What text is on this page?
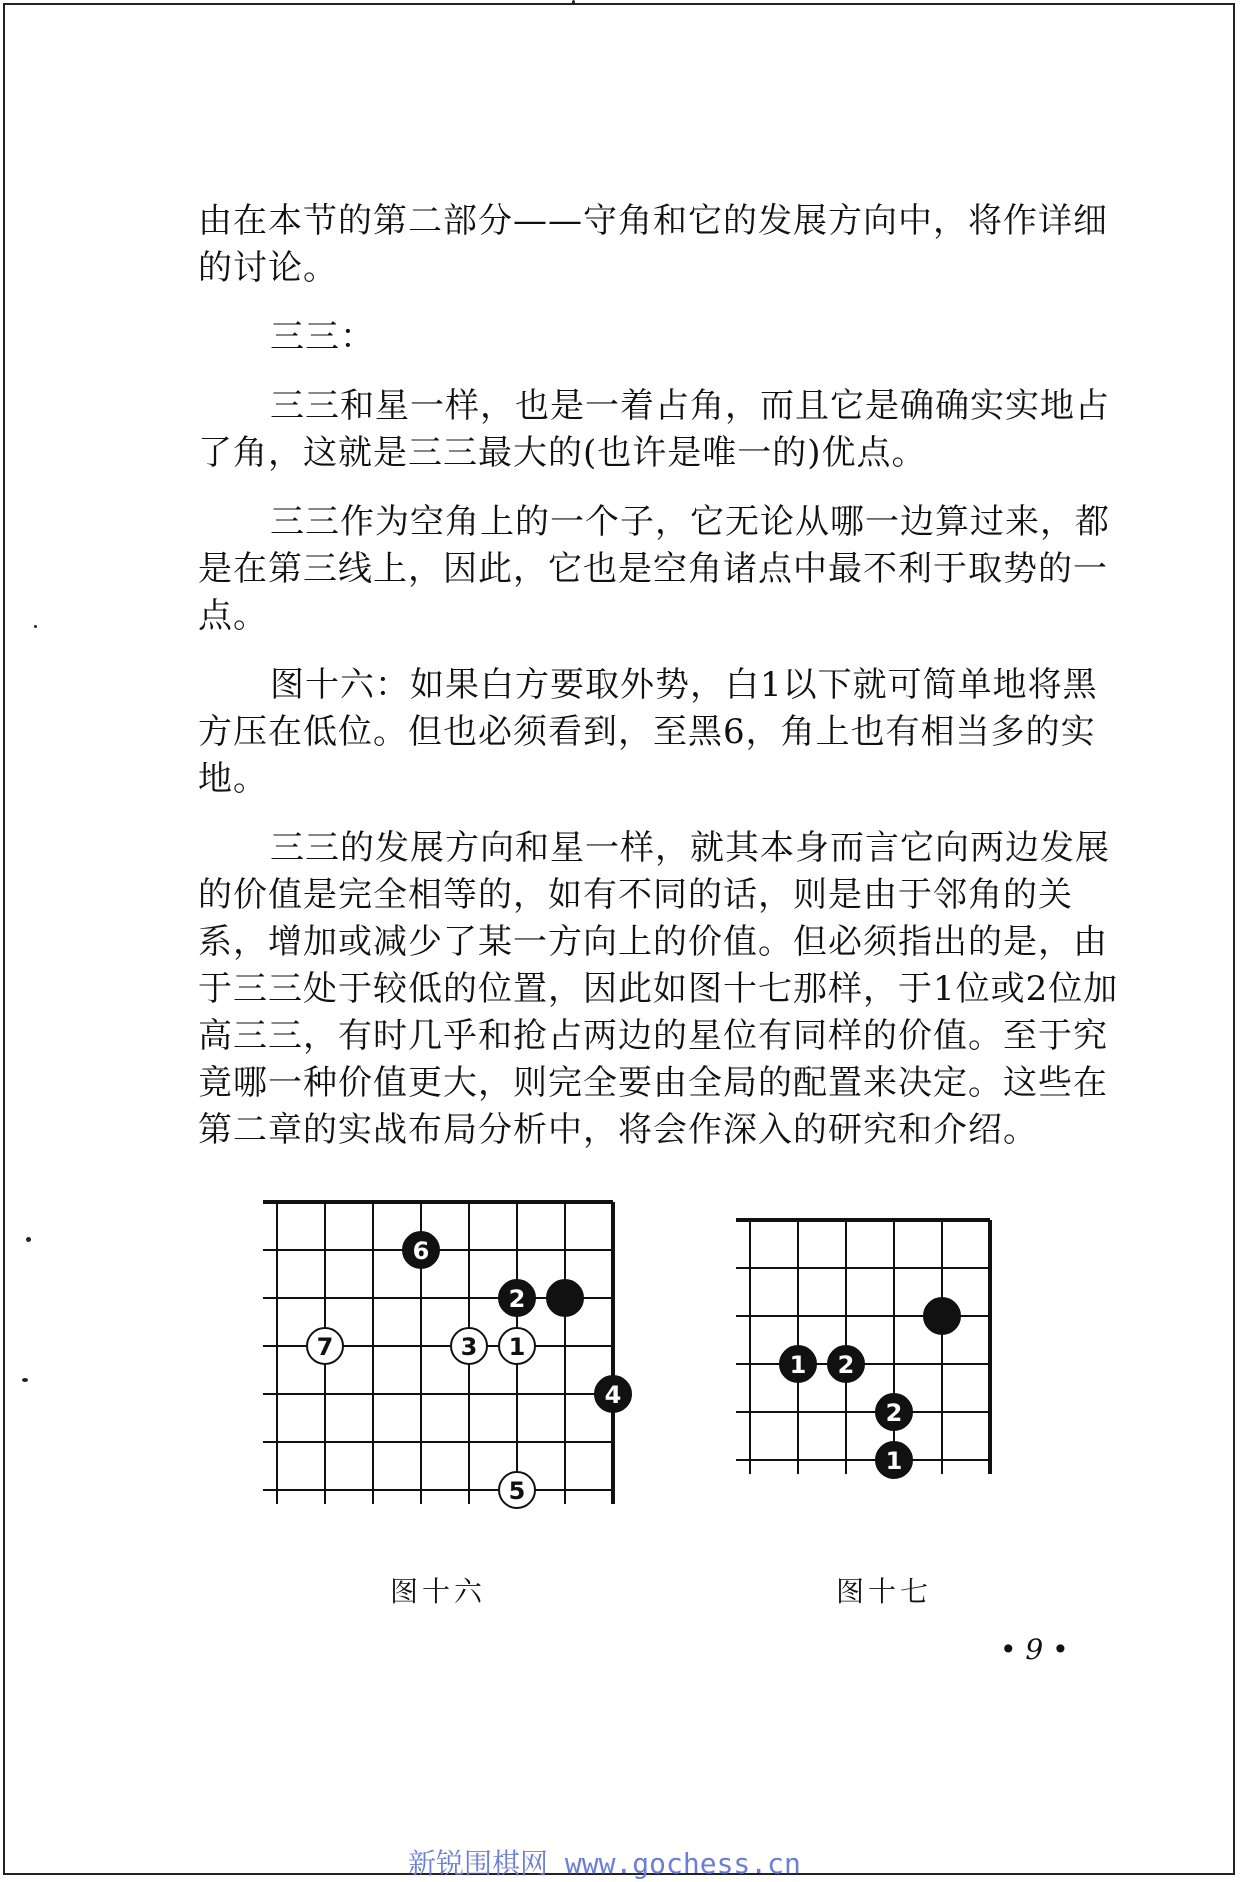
由在本节的第二部分——守角和它的发展方向中，将作详细的讨论。

三三：

三三和星一样，也是一着占角，而且它是确确实实地占了角，这就是三三最大的(也许是唯一的)优点。

三三作为空角上的一个子，它无论从哪一边算过来，都是在第三线上，因此，它也是空角诸点中最不利于取势的一点。

图十六：如果白方要取外势，白1以下就可简单地将黑方压在低位。但也必须看到，至黑6，角上也有相当多的实地。

三三的发展方向和星一样，就其本身而言它向两边发展的价值是完全相等的，如有不同的话，则是由于邻角的关系，增加或减少了某一方向上的价值。但必须指出的是，由于三三处于较低的位置，因此如图十七那样，于1位或2位加高三三，有时几乎和抢占两边的星位有同样的价值。至于究竟哪一种价值更大，则完全要由全局的配置来决定。这些在第二章的实战布局分析中，将会作深入的研究和介绍。

2
1
3
7
4
6
5
1 2
2
1
图十六	图十七
• 9 •
新锐围棋网 www.gochess.cn
